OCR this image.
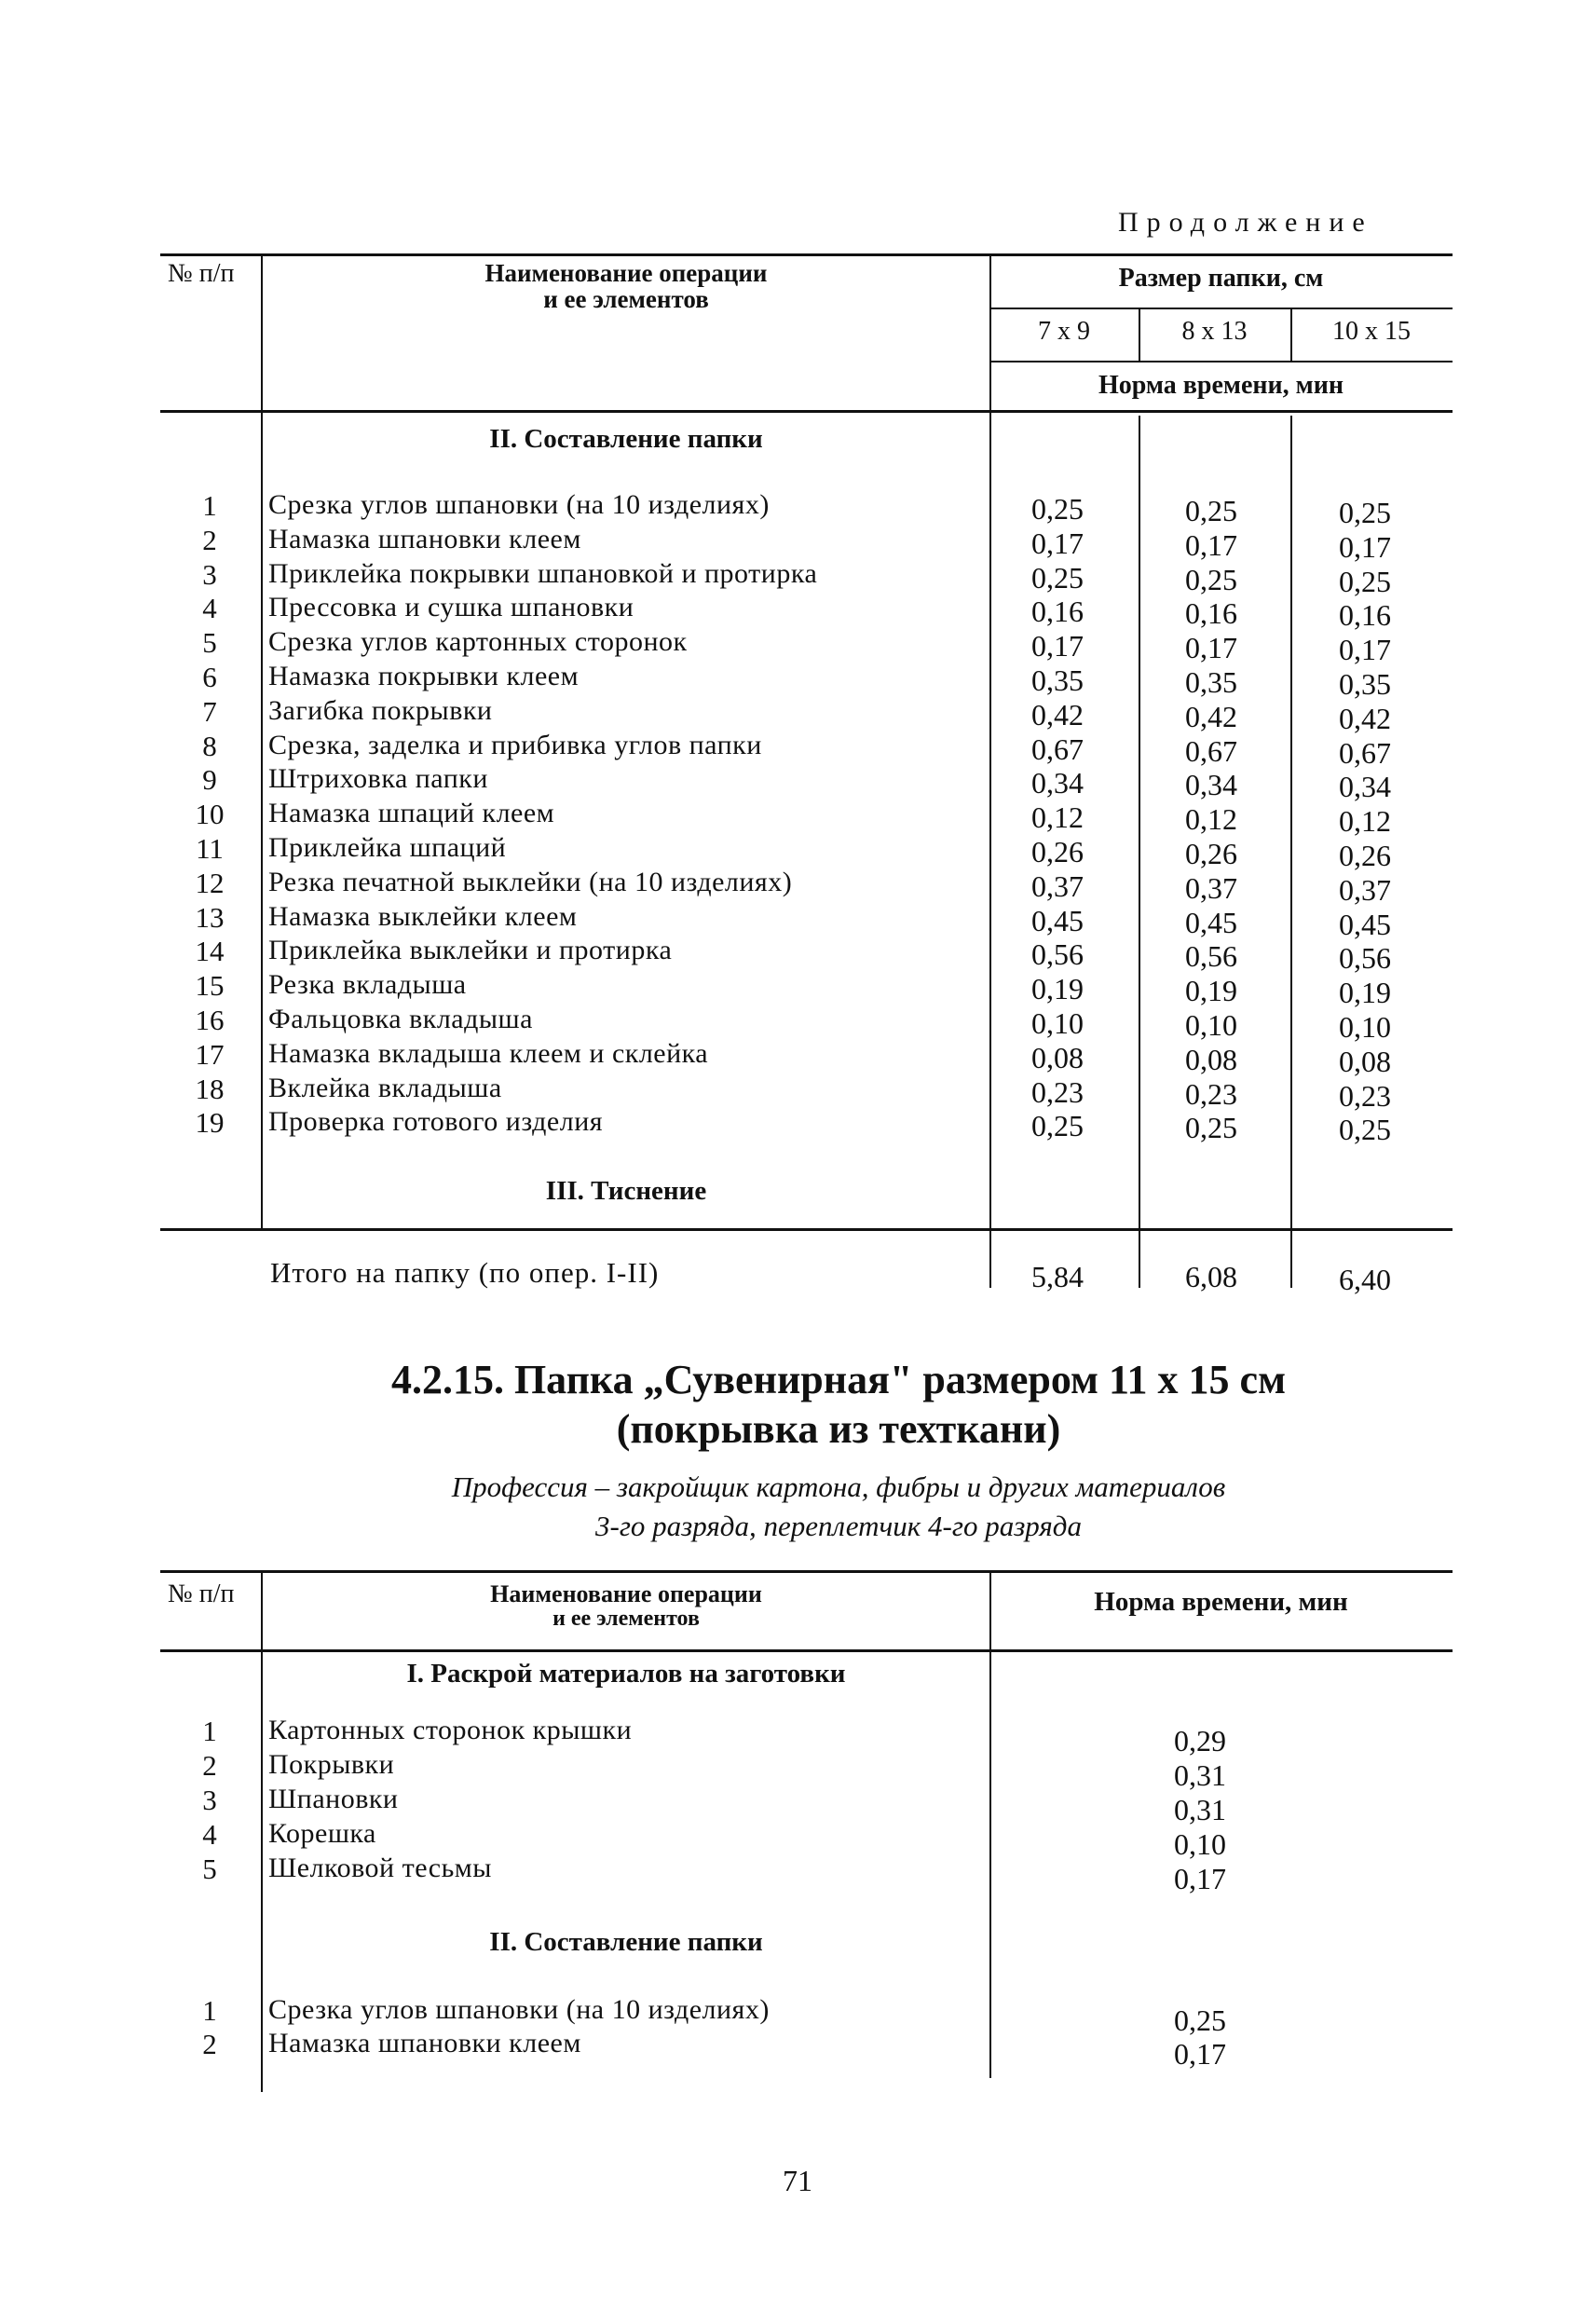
Продолжение
№ п/п	Наименование операции
и ее элементов
Размер папки, см
7 х 9	8 х 13	10 х 15
Норма времени, мин
II. Составление папки
1	Срезка углов шпановки (на 10 изделиях)	0,25	0,25	0,25
2	Намазка шпановки клеем	0,17	0,17	0,17
3	Приклейка покрывки шпановкой и протирка	0,25	0,25	0,25
4	Прессовка и сушка шпановки	0,16	0,16	0,16
5	Срезка углов картонных сторонок	0,17	0,17	0,17
6	Намазка покрывки клеем	0,35	0,35	0,35
7	Загибка покрывки	0,42	0,42	0,42
8	Срезка, заделка и прибивка углов папки	0,67	0,67	0,67
9	Штриховка папки	0,34	0,34	0,34
10	Намазка шпаций клеем	0,12	0,12	0,12
11	Приклейка шпаций	0,26	0,26	0,26
12	Резка печатной выклейки (на 10 изделиях)	0,37	0,37	0,37
13	Намазка выклейки клеем	0,45	0,45	0,45
14	Приклейка выклейки и протирка	0,56	0,56	0,56
15	Резка вкладыша	0,19	0,19	0,19
16	Фальцовка вкладыша	0,10	0,10	0,10
17	Намазка вкладыша клеем и склейка	0,08	0,08	0,08
18	Вклейка вкладыша	0,23	0,23	0,23
19	Проверка готового изделия	0,25	0,25	0,25
III. Тиснение
Итого на папку (по опер. I-II)	5,84	6,08	6,40
4.2.15. Папка „Сувенирная" размером 11 х 15 см
(покрывка из техткани)
Профессия – закройщик картона, фибры и других материалов
3-го разряда, переплетчик 4-го разряда
№ п/п	Наименование операции
и ее элементов
Норма времени, мин
I. Раскрой материалов на заготовки
1	Картонных сторонок крышки	0,29
2	Покрывки	0,31
3	Шпановки	0,31
4	Корешка	0,10
5	Шелковой тесьмы	0,17
II. Составление папки
1	Срезка углов шпановки (на 10 изделиях)	0,25
2	Намазка шпановки клеем	0,17
71
